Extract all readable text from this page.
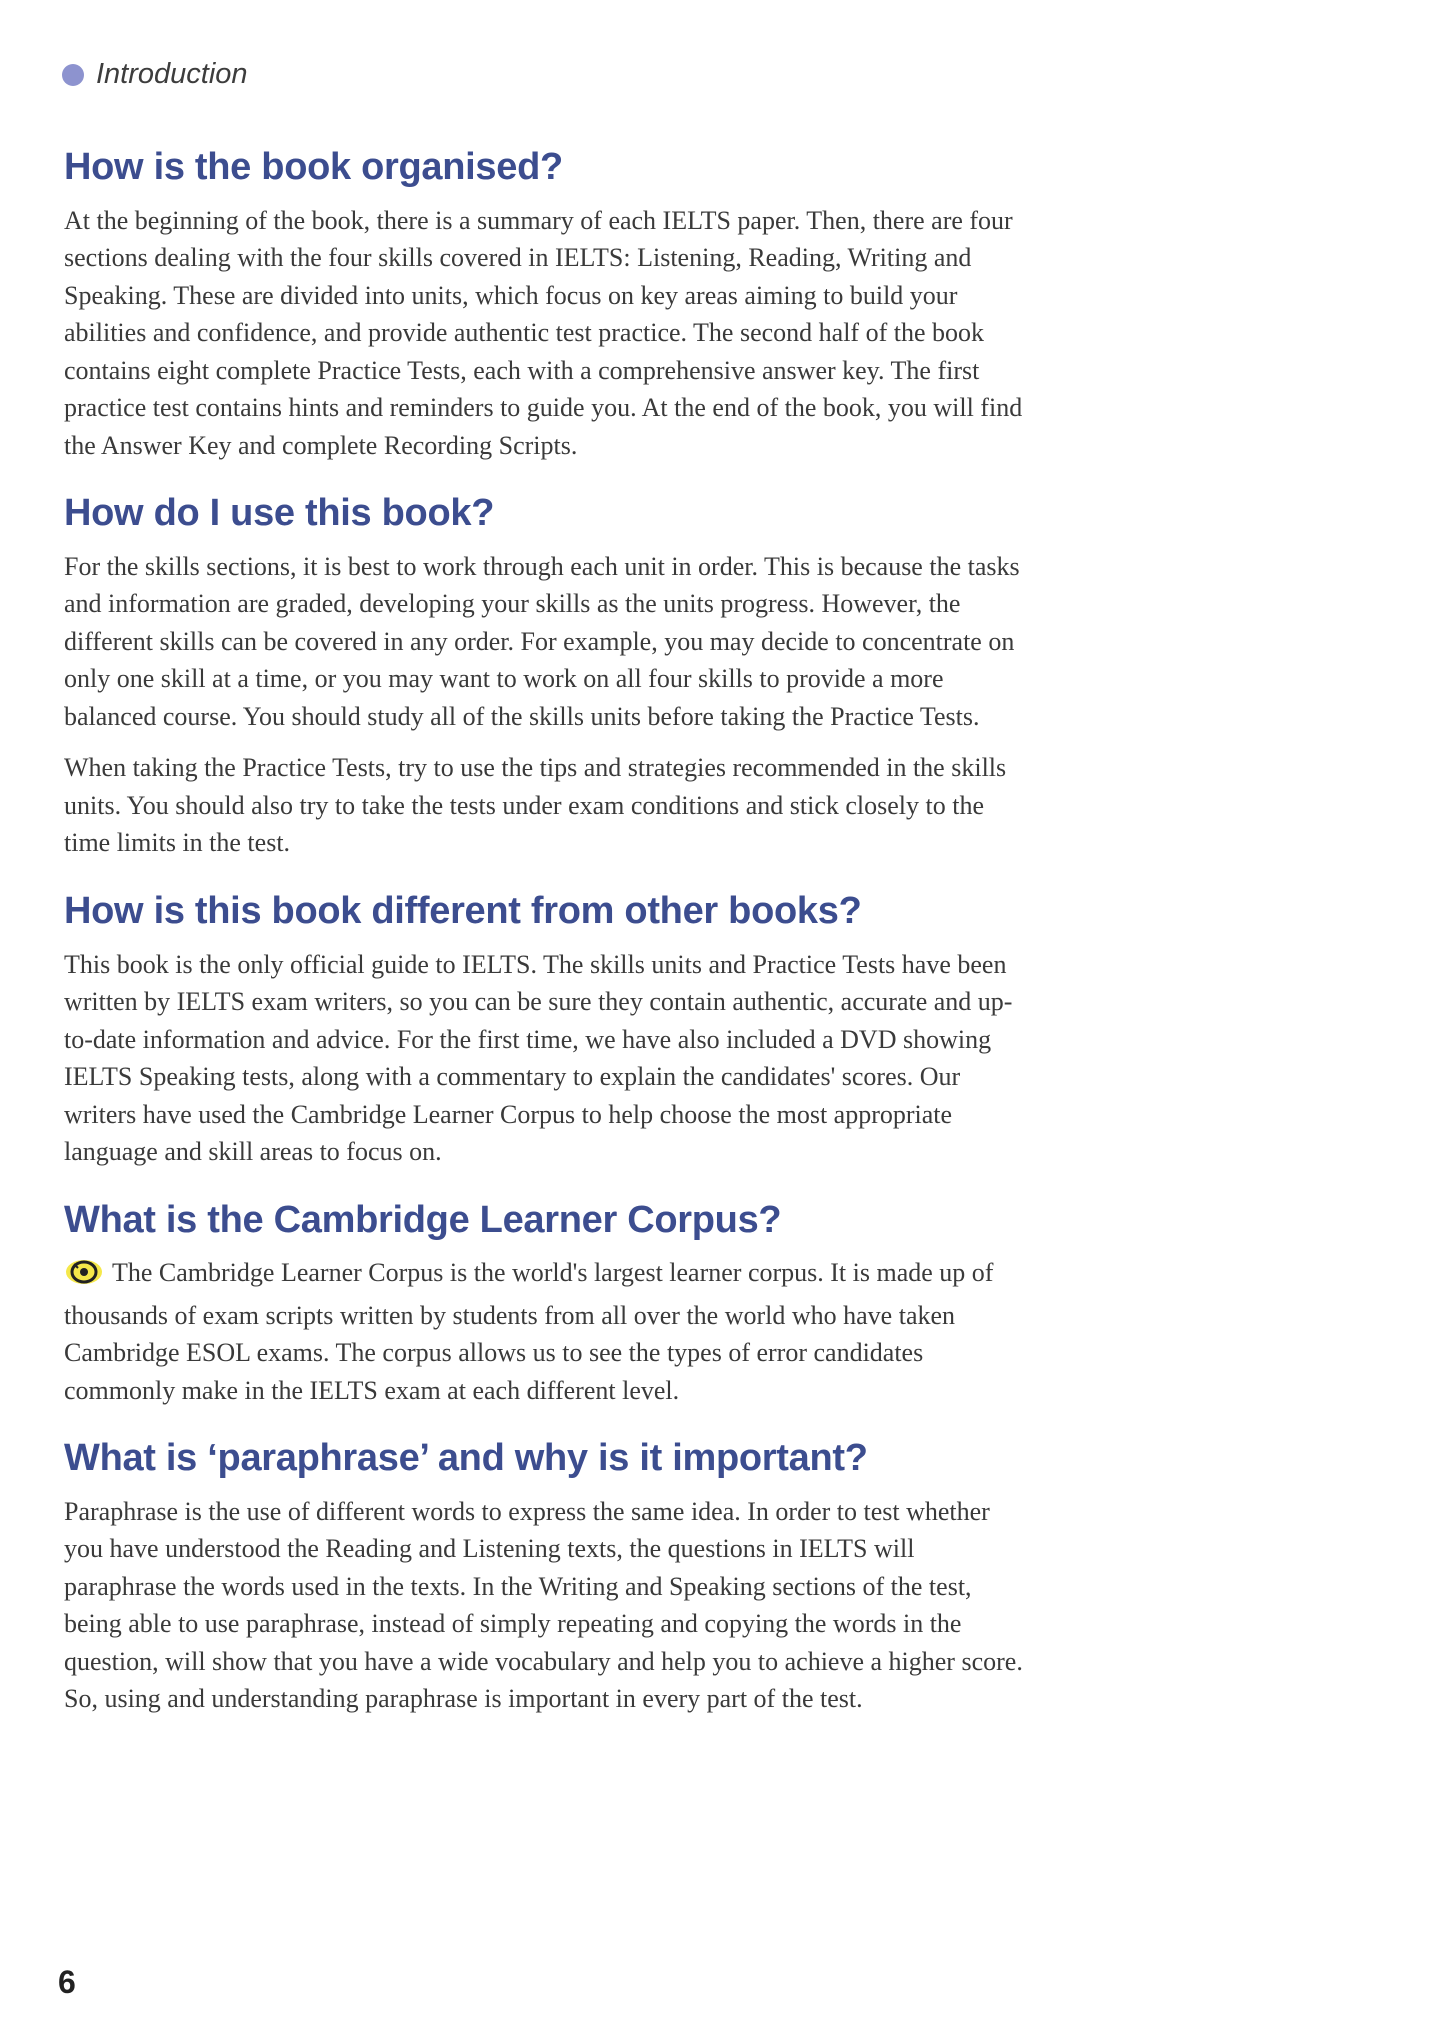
Introduction
How is the book organised?

At the beginning of the book, there is a summary of each IELTS paper. Then, there are four sections dealing with the four skills covered in IELTS: Listening, Reading, Writing and Speaking. These are divided into units, which focus on key areas aiming to build your abilities and confidence, and provide authentic test practice. The second half of the book contains eight complete Practice Tests, each with a comprehensive answer key. The first practice test contains hints and reminders to guide you. At the end of the book, you will find the Answer Key and complete Recording Scripts.

How do I use this book?

For the skills sections, it is best to work through each unit in order. This is because the tasks and information are graded, developing your skills as the units progress. However, the different skills can be covered in any order. For example, you may decide to concentrate on only one skill at a time, or you may want to work on all four skills to provide a more balanced course. You should study all of the skills units before taking the Practice Tests.

When taking the Practice Tests, try to use the tips and strategies recommended in the skills units. You should also try to take the tests under exam conditions and stick closely to the time limits in the test.

How is this book different from other books?

This book is the only official guide to IELTS. The skills units and Practice Tests have been written by IELTS exam writers, so you can be sure they contain authentic, accurate and up-to-date information and advice. For the first time, we have also included a DVD showing IELTS Speaking tests, along with a commentary to explain the candidates' scores. Our writers have used the Cambridge Learner Corpus to help choose the most appropriate language and skill areas to focus on.

What is the Cambridge Learner Corpus?

The Cambridge Learner Corpus is the world's largest learner corpus. It is made up of thousands of exam scripts written by students from all over the world who have taken Cambridge ESOL exams. The corpus allows us to see the types of error candidates commonly make in the IELTS exam at each different level.

What is ‘paraphrase’ and why is it important?

Paraphrase is the use of different words to express the same idea. In order to test whether you have understood the Reading and Listening texts, the questions in IELTS will paraphrase the words used in the texts. In the Writing and Speaking sections of the test, being able to use paraphrase, instead of simply repeating and copying the words in the question, will show that you have a wide vocabulary and help you to achieve a higher score. So, using and understanding paraphrase is important in every part of the test.

6
